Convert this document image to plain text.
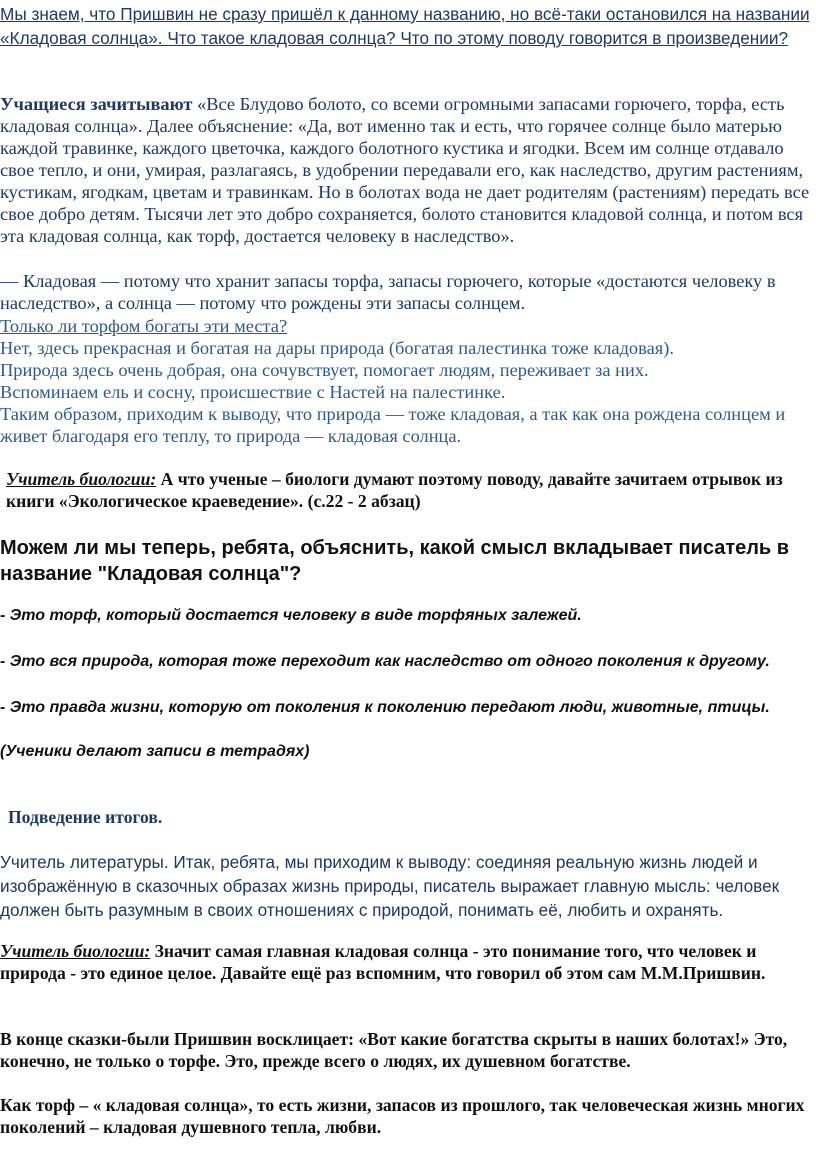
Мы знаем, что Пришвин не сразу пришёл к данному названию, но всё-таки остановился на названии «Кладовая солнца». Что такое кладовая солнца? Что по этому поводу говорится в произведении?

Учащиеся зачитывают «Все Блудово болото, со всеми огромными запасами горючего, торфа, есть кладовая солнца». Далее объяснение: «Да, вот именно так и есть, что горячее солнце было матерью каждой травинке, каждого цветочка, каждого болотного кустика и ягодки. Всем им солнце отдавало свое тепло, и они, умирая, разлагаясь, в удобрении передавали его, как наследство, другим растениям, кустикам, ягодкам, цветам и травинкам. Но в болотах вода не дает родителям (растениям) передать все свое добро детям. Тысячи лет это добро сохраняется, болото становится кладовой солнца, и потом вся эта кладовая солнца, как торф, достается человеку в наследство».

— Кладовая — потому что хранит запасы торфа, запасы горючего, которые «достаются человеку в наследство», а солнца — потому что рождены эти запасы солнцем.

Только ли торфом богаты эти места?

Нет, здесь прекрасная и богатая на дары природа (богатая палестинка тоже кладовая).

Природа здесь очень добрая, она сочувствует, помогает людям, переживает за них.

Вспоминаем ель и сосну, происшествие с Настей на палестинке.

Таким образом, приходим к выводу, что природа — тоже кладовая, а так как она рождена солнцем и живет благодаря его теплу, то природа — кладовая солнца.

Учитель биологии: А что ученые – биологи думают поэтому поводу, давайте зачитаем отрывок из книги «Экологическое краеведение». (с.22 - 2 абзац)

Можем ли мы теперь, ребята, объяснить, какой смысл вкладывает писатель в название "Кладовая солнца"?

- Это торф, который достается человеку в виде торфяных залежей.

- Это вся природа, которая тоже переходит как наследство от одного поколения к другому.

- Это правда жизни, которую от поколения к поколению передают люди, животные, птицы.

(Ученики делают записи в тетрадях)

Подведение итогов.

Учитель литературы. Итак, ребята, мы приходим к выводу: соединяя реальную жизнь людей и изображённую в сказочных образах жизнь природы, писатель выражает главную мысль: человек должен быть разумным в своих отношениях с природой, понимать её, любить и охранять.

Учитель биологии: Значит самая главная кладовая солнца - это понимание того, что человек и природа - это единое целое. Давайте ещё раз вспомним, что говорил об этом сам М.М.Пришвин.

В конце сказки-были Пришвин восклицает: «Вот какие богатства скрыты в наших болотах!» Это, конечно, не только о торфе. Это, прежде всего о людях, их душевном богатстве.

Как торф – « кладовая солнца», то есть жизни, запасов из прошлого, так человеческая жизнь многих поколений – кладовая душевного тепла, любви.
